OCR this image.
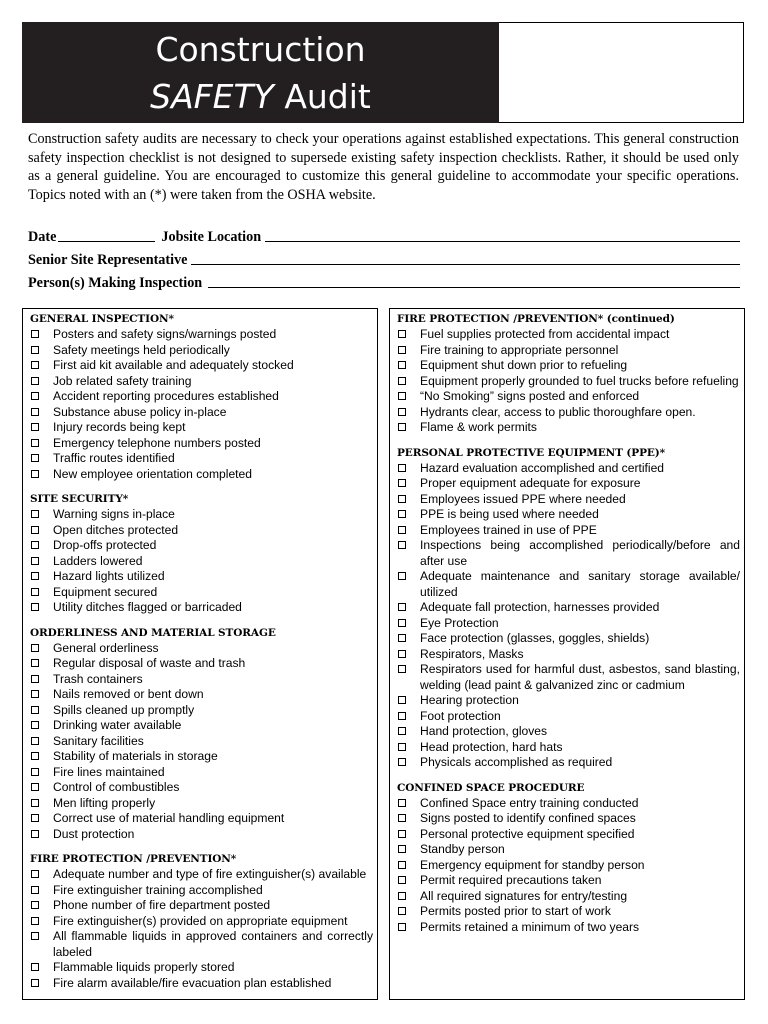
Construction
SAFETY Audit

Construction safety audits are necessary to check your operations against established expectations. This general construction safety inspection checklist is not designed to supersede existing safety inspection checklists. Rather, it should be used only as a general guideline. You are encouraged to customize this general guideline to accommodate your specific operations. Topics noted with an (*) were taken from the OSHA website.

Date	Jobsite Location
Senior Site Representative
Person(s) Making Inspection
GENERAL INSPECTION*
Posters and safety signs/warnings posted
Safety meetings held periodically
First aid kit available and adequately stocked
Job related safety training
Accident reporting procedures established
Substance abuse policy in-place
Injury records being kept
Emergency telephone numbers posted
Traffic routes identified
New employee orientation completed
SITE SECURITY*
Warning signs in-place
Open ditches protected
Drop-offs protected
Ladders lowered
Hazard lights utilized
Equipment secured
Utility ditches flagged or barricaded
ORDERLINESS AND MATERIAL STORAGE
General orderliness
Regular disposal of waste and trash
Trash containers
Nails removed or bent down
Spills cleaned up promptly
Drinking water available
Sanitary facilities
Stability of materials in storage
Fire lines maintained
Control of combustibles
Men lifting properly
Correct use of material handling equipment
Dust protection
FIRE PROTECTION /PREVENTION*
Adequate number and type of fire extinguisher(s) available
Fire extinguisher training accomplished
Phone number of fire department posted
Fire extinguisher(s) provided on appropriate equipment
All flammable liquids in approved containers and correctly labeled
Flammable liquids properly stored
Fire alarm available/fire evacuation plan established
FIRE PROTECTION /PREVENTION* (continued)
Fuel supplies protected from accidental impact
Fire training to appropriate personnel
Equipment shut down prior to refueling
Equipment properly grounded to fuel trucks before refueling
“No Smoking” signs posted and enforced
Hydrants clear, access to public thoroughfare open.
Flame & work permits
PERSONAL PROTECTIVE EQUIPMENT (PPE)*
Hazard evaluation accomplished and certified
Proper equipment adequate for exposure
Employees issued PPE where needed
PPE is being used where needed
Employees trained in use of PPE
Inspections being accomplished periodically/before and after use
Adequate maintenance and sanitary storage available/ utilized
Adequate fall protection, harnesses provided
Eye Protection
Face protection (glasses, goggles, shields)
Respirators, Masks
Respirators used for harmful dust, asbestos, sand blasting, welding (lead paint & galvanized zinc or cadmium
Hearing protection
Foot protection
Hand protection, gloves
Head protection, hard hats
Physicals accomplished as required
CONFINED SPACE PROCEDURE
Confined Space entry training conducted
Signs posted to identify confined spaces
Personal protective equipment specified
Standby person
Emergency equipment for standby person
Permit required precautions taken
All required signatures for entry/testing
Permits posted prior to start of work
Permits retained a minimum of two years
